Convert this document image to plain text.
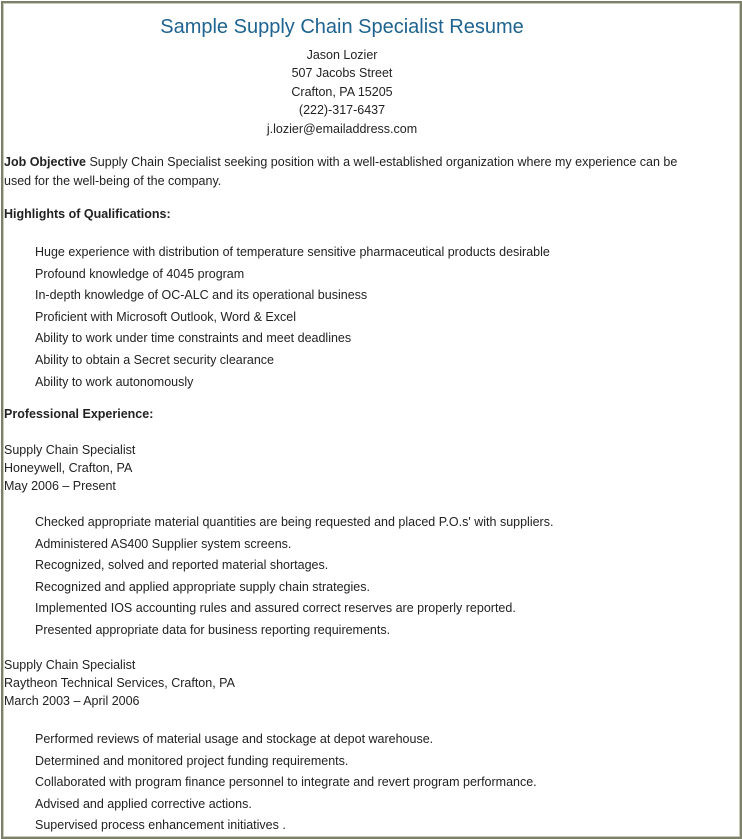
Sample Supply Chain Specialist Resume
Jason Lozier
507 Jacobs Street
Crafton, PA 15205
(222)-317-6437
j.lozier@emailaddress.com
Job Objective Supply Chain Specialist seeking position with a well-established organization where my experience can be used for the well-being of the company.
Highlights of Qualifications:
Huge experience with distribution of temperature sensitive pharmaceutical products desirable
Profound knowledge of 4045 program
In-depth knowledge of OC-ALC and its operational business
Proficient with Microsoft Outlook, Word & Excel
Ability to work under time constraints and meet deadlines
Ability to obtain a Secret security clearance
Ability to work autonomously
Professional Experience:
Supply Chain Specialist
Honeywell, Crafton, PA
May 2006 – Present
Checked appropriate material quantities are being requested and placed P.O.s' with suppliers.
Administered AS400 Supplier system screens.
Recognized, solved and reported material shortages.
Recognized and applied appropriate supply chain strategies.
Implemented IOS accounting rules and assured correct reserves are properly reported.
Presented appropriate data for business reporting requirements.
Supply Chain Specialist
Raytheon Technical Services, Crafton, PA
March 2003 – April 2006
Performed reviews of material usage and stockage at depot warehouse.
Determined and monitored project funding requirements.
Collaborated with program finance personnel to integrate and revert program performance.
Advised and applied corrective actions.
Supervised process enhancement initiatives .
